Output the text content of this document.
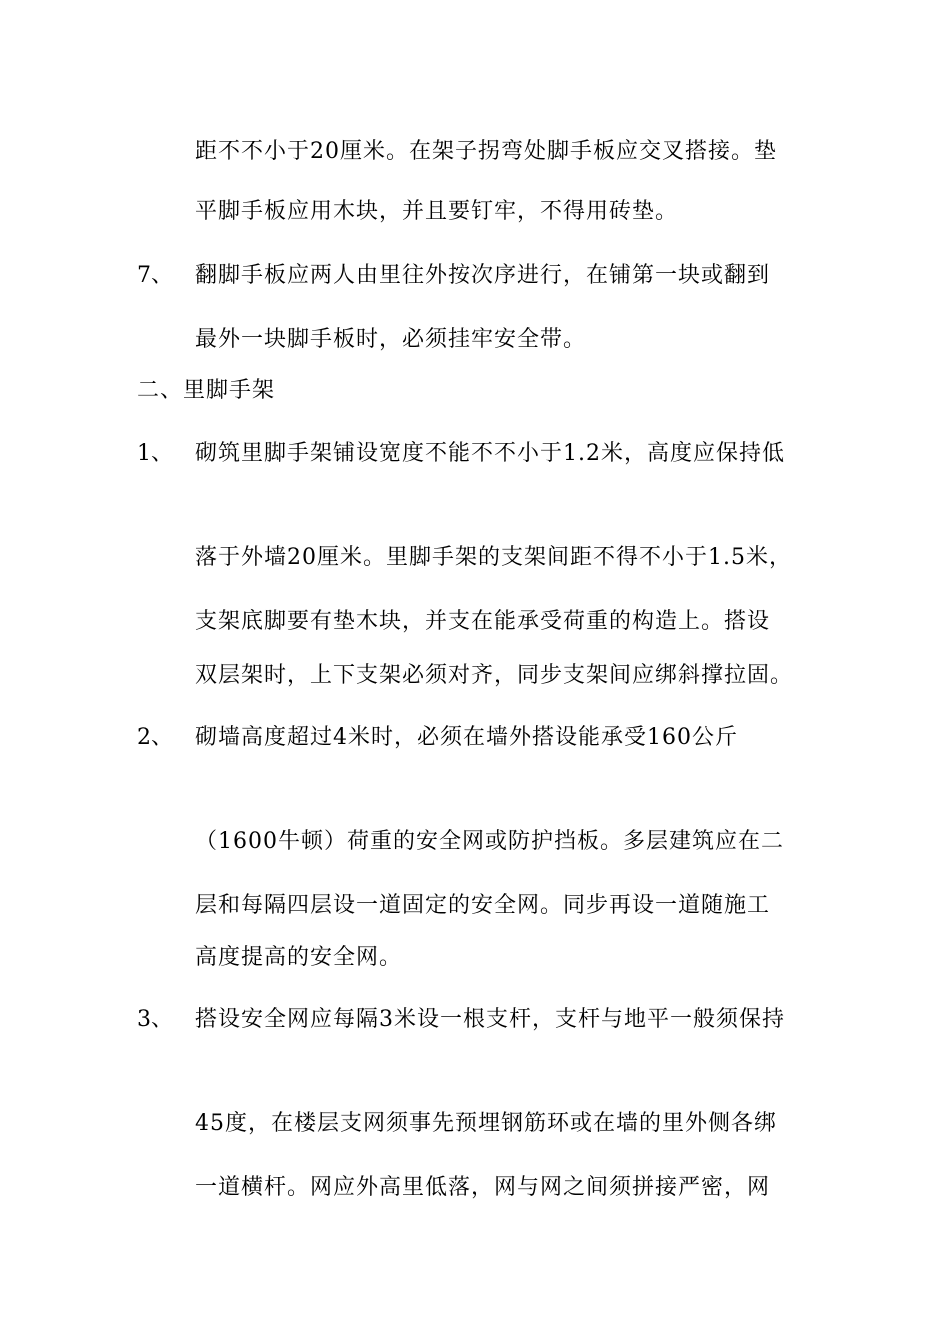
距不不小于20厘米。在架子拐弯处脚手板应交叉搭接。垫
平脚手板应用木块，并且要钉牢，不得用砖垫。
7、 翻脚手板应两人由里往外按次序进行，在铺第一块或翻到
最外一块脚手板时，必须挂牢安全带。
二、里脚手架
1、 砌筑里脚手架铺设宽度不能不不小于1.2米，高度应保持低
落于外墙20厘米。里脚手架的支架间距不得不小于1.5米，
支架底脚要有垫木块，并支在能承受荷重的构造上。搭设
双层架时，上下支架必须对齐，同步支架间应绑斜撑拉固。
2、 砌墙高度超过4米时，必须在墙外搭设能承受160公斤
（1600牛顿）荷重的安全网或防护挡板。多层建筑应在二
层和每隔四层设一道固定的安全网。同步再设一道随施工
高度提高的安全网。
3、 搭设安全网应每隔3米设一根支杆，支杆与地平一般须保持
45度，在楼层支网须事先预埋钢筋环或在墙的里外侧各绑
一道横杆。网应外高里低落，网与网之间须拼接严密，网
